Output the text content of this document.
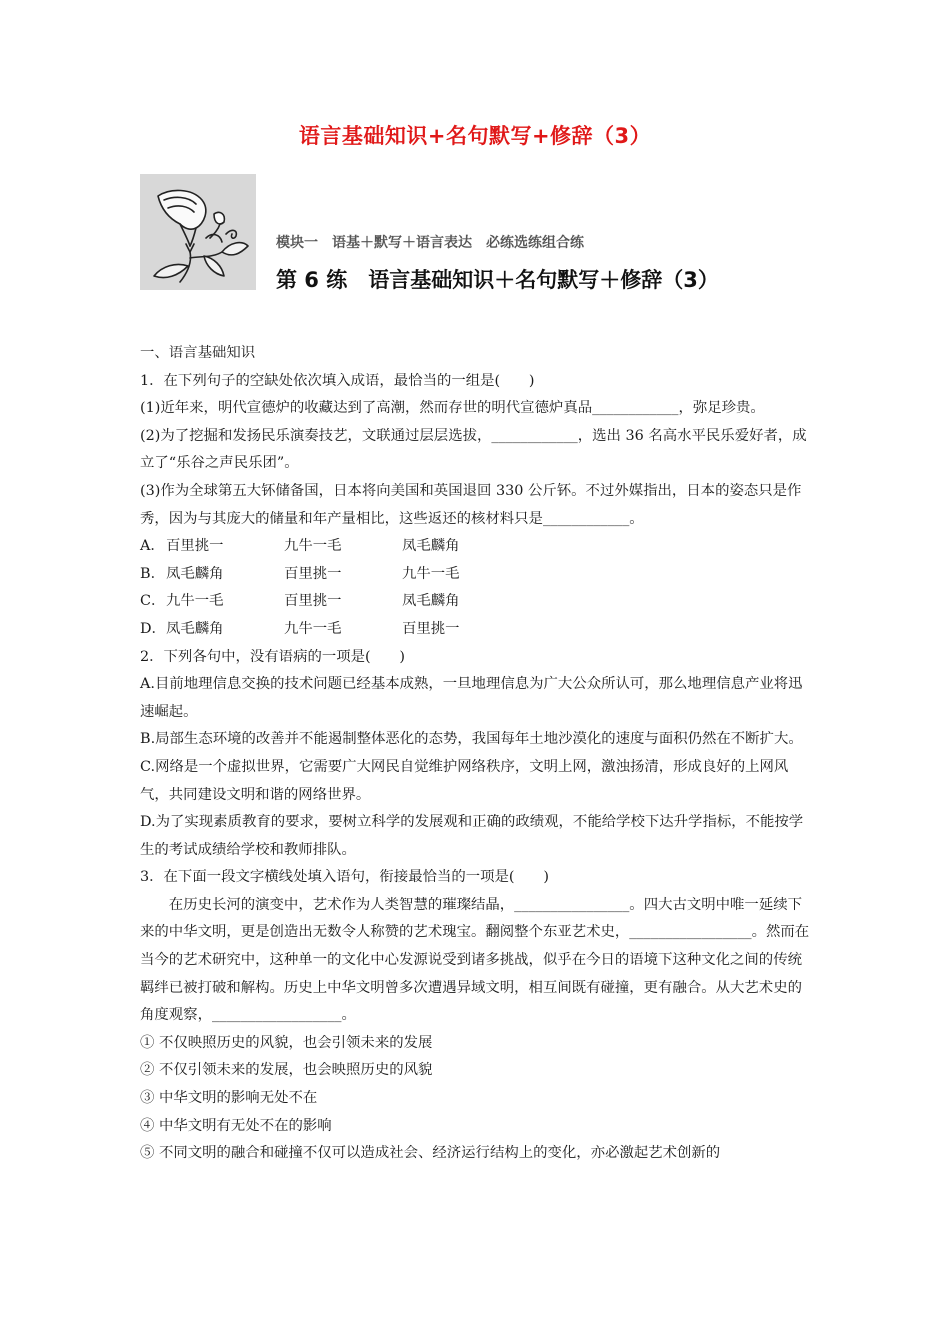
语言基础知识+名句默写+修辞（3）
模块一　语基＋默写＋语言表达　必练选练组合练
第 6 练　语言基础知识＋名句默写＋修辞（3）

一、语言基础知识

1．在下列句子的空缺处依次填入成语，最恰当的一组是(　　)

(1)近年来，明代宣德炉的收藏达到了高潮，然而存世的明代宣德炉真品____________，弥足珍贵。

(2)为了挖掘和发扬民乐演奏技艺，文联通过层层选拔，____________，选出 36 名高水平民乐爱好者，成立了“乐谷之声民乐团”。

(3)作为全球第五大钚储备国，日本将向美国和英国退回 330 公斤钚。不过外媒指出，日本的姿态只是作秀，因为与其庞大的储量和年产量相比，这些返还的核材料只是____________。

A． 百里挑一	九牛一毛	凤毛麟角
B． 凤毛麟角	百里挑一	九牛一毛
C． 九牛一毛	百里挑一	凤毛麟角
D． 凤毛麟角	九牛一毛	百里挑一

2．下列各句中，没有语病的一项是(　　)

A.目前地理信息交换的技术问题已经基本成熟，一旦地理信息为广大公众所认可，那么地理信息产业将迅速崛起。

B.局部生态环境的改善并不能遏制整体恶化的态势，我国每年土地沙漠化的速度与面积仍然在不断扩大。

C.网络是一个虚拟世界，它需要广大网民自觉维护网络秩序，文明上网，激浊扬清，形成良好的上网风气，共同建设文明和谐的网络世界。

D.为了实现素质教育的要求，要树立科学的发展观和正确的政绩观，不能给学校下达升学指标，不能按学生的考试成绩给学校和教师排队。

3．在下面一段文字横线处填入语句，衔接最恰当的一项是(　　)

在历史长河的演变中，艺术作为人类智慧的璀璨结晶，________________。四大古文明中唯一延续下来的中华文明，更是创造出无数令人称赞的艺术瑰宝。翻阅整个东亚艺术史，_________________。然而在当今的艺术研究中，这种单一的文化中心发源说受到诸多挑战，似乎在今日的语境下这种文化之间的传统羁绊已被打破和解构。历史上中华文明曾多次遭遇异域文明，相互间既有碰撞，更有融合。从大艺术史的角度观察，__________________。

① 不仅映照历史的风貌，也会引领未来的发展

② 不仅引领未来的发展，也会映照历史的风貌

③ 中华文明的影响无处不在

④ 中华文明有无处不在的影响

⑤ 不同文明的融合和碰撞不仅可以造成社会、经济运行结构上的变化，亦必激起艺术创新的
